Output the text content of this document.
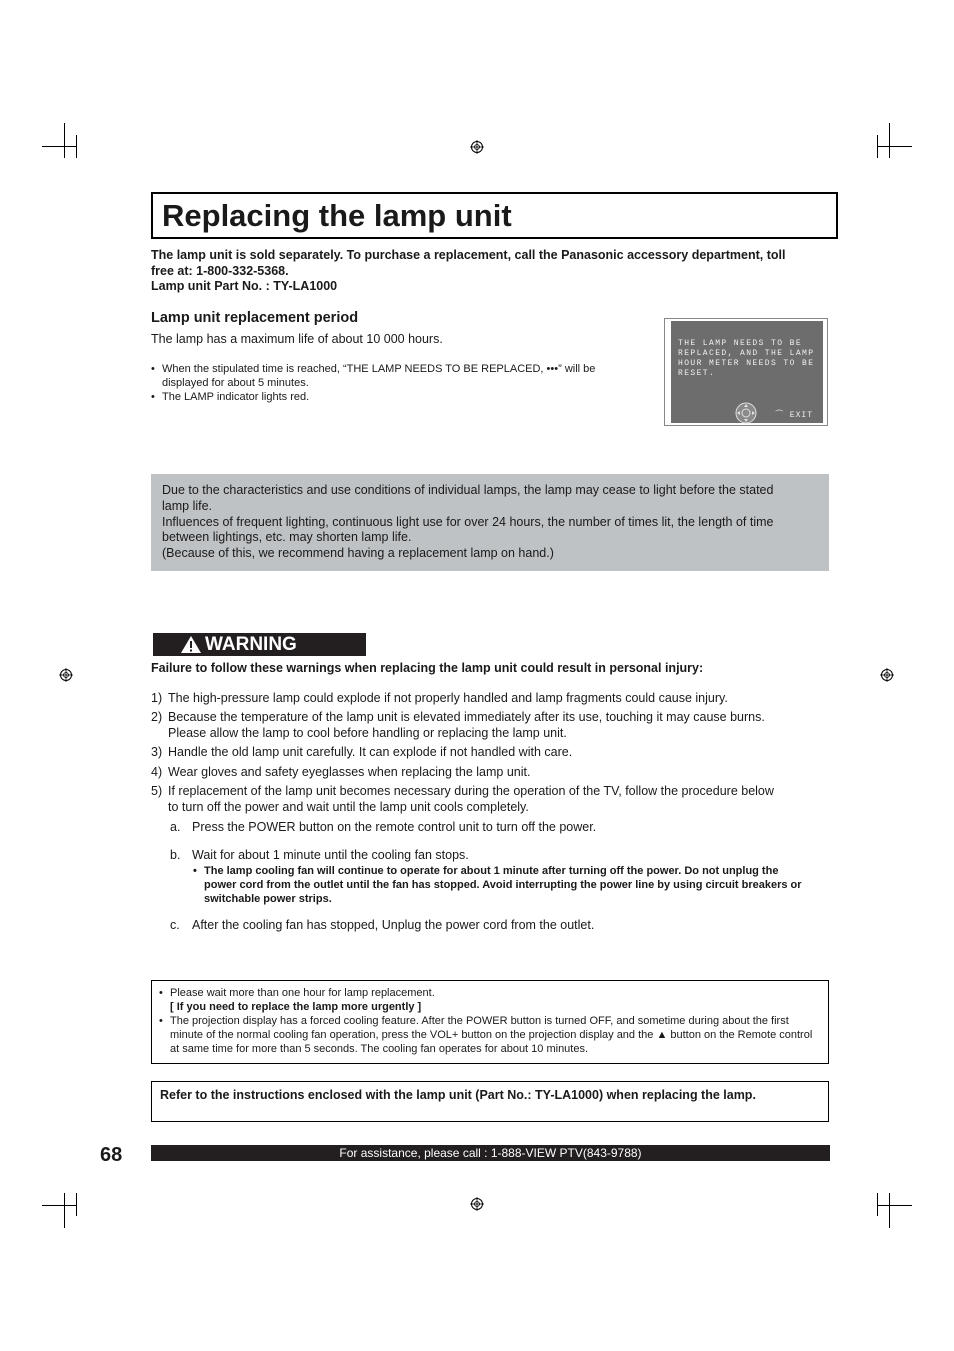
Replacing the lamp unit
The lamp unit is sold separately. To purchase a replacement, call the Panasonic accessory department, toll
free at: 1-800-332-5368.
Lamp unit Part No. : TY-LA1000
Lamp unit replacement period
The lamp has a maximum life of about 10 000 hours.
• When the stipulated time is reached, “THE LAMP NEEDS TO BE REPLACED, •••” will be displayed for about 5 minutes.
• The LAMP indicator lights red.
THE LAMP NEEDS TO BE REPLACED, AND THE LAMP HOUR METER NEEDS TO BE RESET.
⏜ EXIT
Due to the characteristics and use conditions of individual lamps, the lamp may cease to light before the stated
lamp life.
Influences of frequent lighting, continuous light use for over 24 hours, the number of times lit, the length of time
between lightings, etc. may shorten lamp life.
(Because of this, we recommend having a replacement lamp on hand.)
WARNING
Failure to follow these warnings when replacing the lamp unit could result in personal injury:
1) The high-pressure lamp could explode if not properly handled and lamp fragments could cause injury.
2) Because the temperature of the lamp unit is elevated immediately after its use, touching it may cause burns.
Please allow the lamp to cool before handling or replacing the lamp unit.
3) Handle the old lamp unit carefully. It can explode if not handled with care.
4) Wear gloves and safety eyeglasses when replacing the lamp unit.
5) If replacement of the lamp unit becomes necessary during the operation of the TV, follow the procedure below
to turn off the power and wait until the lamp unit cools completely.
a. Press the POWER button on the remote control unit to turn off the power.
b. Wait for about 1 minute until the cooling fan stops.
c. After the cooling fan has stopped, Unplug the power cord from the outlet.
• The lamp cooling fan will continue to operate for about 1 minute after turning off the power. Do not unplug the power cord from the outlet until the fan has stopped. Avoid interrupting the power line by using circuit breakers or switchable power strips.
• Please wait more than one hour for lamp replacement.
[ If you need to replace the lamp more urgently ]
• The projection display has a forced cooling feature. After the POWER button is turned OFF, and sometime during about the first minute of the normal cooling fan operation, press the VOL+ button on the projection display and the ▲ button on the Remote control at same time for more than 5 seconds. The cooling fan operates for about 10 minutes.
Refer to the instructions enclosed with the lamp unit (Part No.: TY-LA1000) when replacing the lamp.
68	For assistance, please call : 1-888-VIEW PTV(843-9788)
